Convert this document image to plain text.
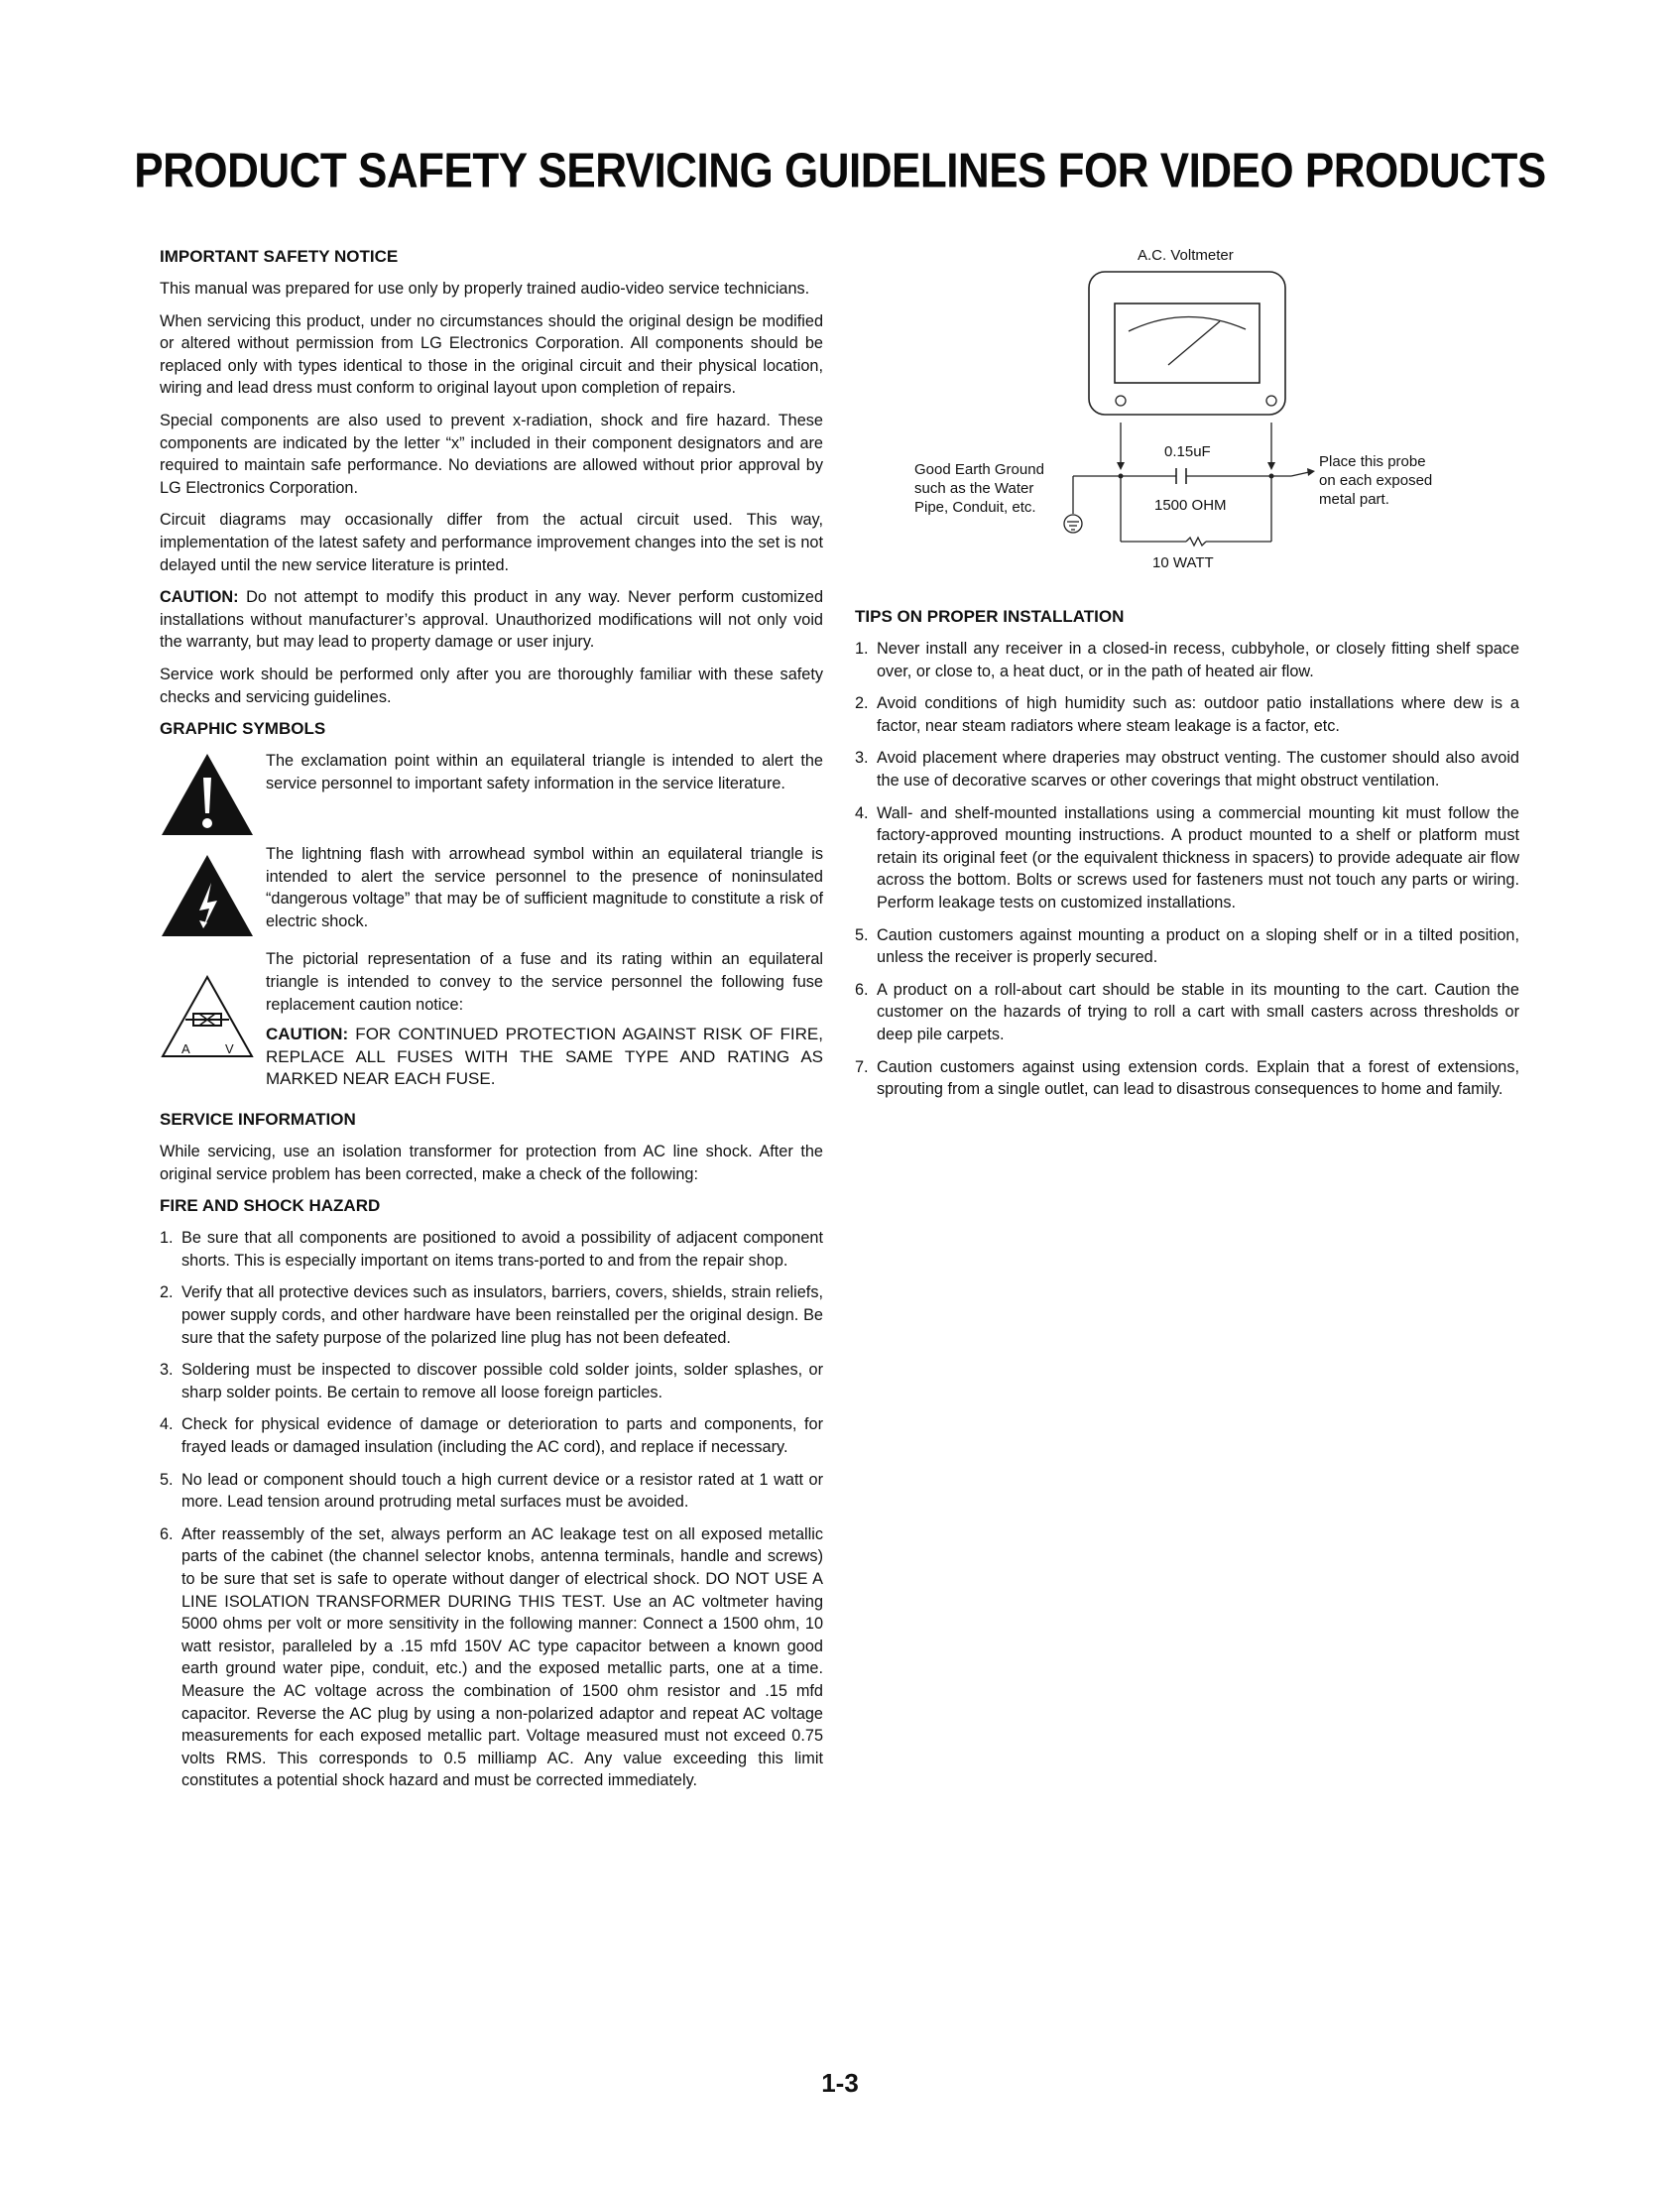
PRODUCT SAFETY SERVICING GUIDELINES FOR VIDEO PRODUCTS
IMPORTANT SAFETY NOTICE

This manual was prepared for use only by properly trained audio-video service technicians.

When servicing this product, under no circumstances should the original design be modified or altered without permission from LG Electronics Corporation. All components should be replaced only with types identical to those in the original circuit and their physical location, wiring and lead dress must conform to original layout upon completion of repairs.

Special components are also used to prevent x-radiation, shock and fire hazard. These components are indicated by the letter “x” included in their component designators and are required to maintain safe performance. No deviations are allowed without prior approval by LG Electronics Corporation.

Circuit diagrams may occasionally differ from the actual circuit used. This way, implementation of the latest safety and performance improvement changes into the set is not delayed until the new service literature is printed.

CAUTION: Do not attempt to modify this product in any way. Never perform customized installations without manufacturer’s approval. Unauthorized modifications will not only void the warranty, but may lead to property damage or user injury.

Service work should be performed only after you are thoroughly familiar with these safety checks and servicing guidelines.

GRAPHIC SYMBOLS

The exclamation point within an equilateral triangle is intended to alert the service personnel to important safety information in the service literature.

The lightning flash with arrowhead symbol within an equilateral triangle is intended to alert the service personnel to the presence of noninsulated “dangerous voltage” that may be of sufficient magnitude to constitute a risk of electric shock.

A	V

The pictorial representation of a fuse and its rating within an equilateral triangle is intended to convey to the service personnel the following fuse replacement caution notice:

CAUTION: FOR CONTINUED PROTECTION AGAINST RISK OF FIRE, REPLACE ALL FUSES WITH THE SAME TYPE AND RATING AS MARKED NEAR EACH FUSE.

SERVICE INFORMATION

While servicing, use an isolation transformer for protection from AC line shock. After the original service problem has been corrected, make a check of the following:

FIRE AND SHOCK HAZARD
1. Be sure that all components are positioned to avoid a possibility of adjacent component shorts. This is especially important on items trans-ported to and from the repair shop.
2. Verify that all protective devices such as insulators, barriers, covers, shields, strain reliefs, power supply cords, and other hardware have been reinstalled per the original design. Be sure that the safety purpose of the polarized line plug has not been defeated.
3. Soldering must be inspected to discover possible cold solder joints, solder splashes, or sharp solder points. Be certain to remove all loose foreign particles.
4. Check for physical evidence of damage or deterioration to parts and components, for frayed leads or damaged insulation (including the AC cord), and replace if necessary.
5. No lead or component should touch a high current device or a resistor rated at 1 watt or more. Lead tension around protruding metal surfaces must be avoided.
6. After reassembly of the set, always perform an AC leakage test on all exposed metallic parts of the cabinet (the channel selector knobs, antenna terminals, handle and screws) to be sure that set is safe to operate without danger of electrical shock. DO NOT USE A LINE ISOLATION TRANSFORMER DURING THIS TEST. Use an AC voltmeter having 5000 ohms per volt or more sensitivity in the following manner: Connect a 1500 ohm, 10 watt resistor, paralleled by a .15 mfd 150V AC type capacitor between a known good earth ground water pipe, conduit, etc.) and the exposed metallic parts, one at a time. Measure the AC voltage across the combination of 1500 ohm resistor and .15 mfd capacitor. Reverse the AC plug by using a non-polarized adaptor and repeat AC voltage measurements for each exposed metallic part. Voltage measured must not exceed 0.75 volts RMS. This corresponds to 0.5 milliamp AC. Any value exceeding this limit constitutes a potential shock hazard and must be corrected immediately.
A.C. Voltmeter
0.15uF
1500 OHM
10 WATT
Good Earth Ground
such as the Water
Pipe, Conduit, etc.
Place this probe
on each exposed
metal part.
TIPS ON PROPER INSTALLATION
1. Never install any receiver in a closed-in recess, cubbyhole, or closely fitting shelf space over, or close to, a heat duct, or in the path of heated air flow.
2. Avoid conditions of high humidity such as: outdoor patio installations where dew is a factor, near steam radiators where steam leakage is a factor, etc.
3. Avoid placement where draperies may obstruct venting. The customer should also avoid the use of decorative scarves or other coverings that might obstruct ventilation.
4. Wall- and shelf-mounted installations using a commercial mounting kit must follow the factory-approved mounting instructions. A product mounted to a shelf or platform must retain its original feet (or the equivalent thickness in spacers) to provide adequate air flow across the bottom. Bolts or screws used for fasteners must not touch any parts or wiring. Perform leakage tests on customized installations.
5. Caution customers against mounting a product on a sloping shelf or in a tilted position, unless the receiver is properly secured.
6. A product on a roll-about cart should be stable in its mounting to the cart. Caution the customer on the hazards of trying to roll a cart with small casters across thresholds or deep pile carpets.
7. Caution customers against using extension cords. Explain that a forest of extensions, sprouting from a single outlet, can lead to disastrous consequences to home and family.
1-3
